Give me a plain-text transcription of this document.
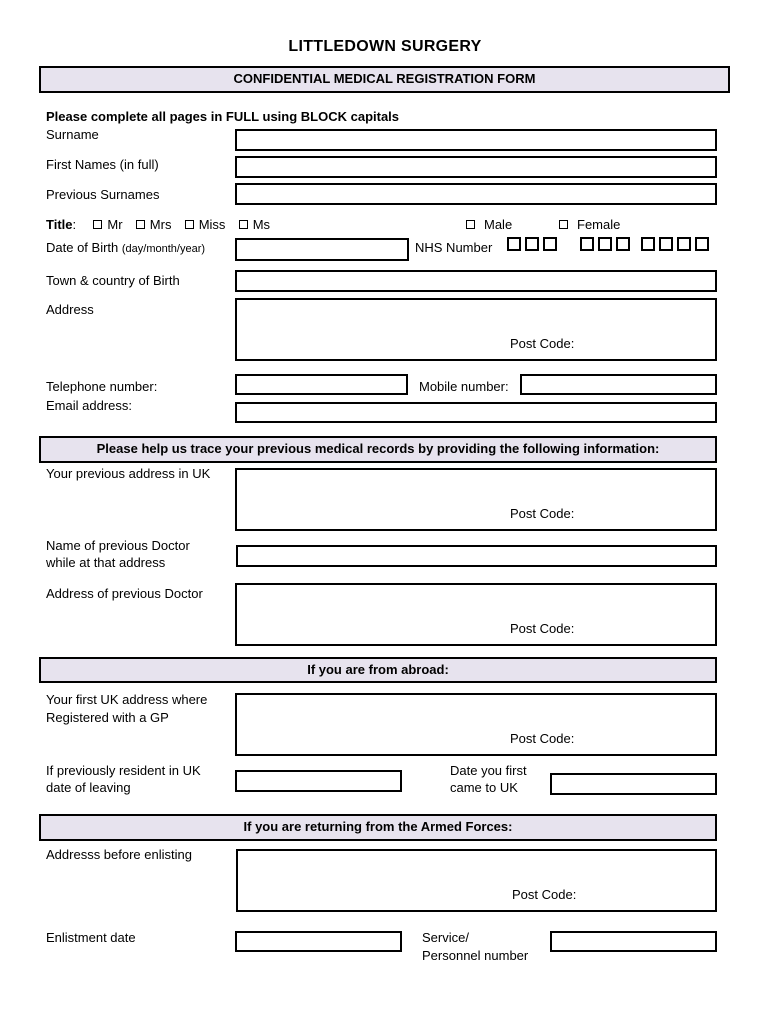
LITTLEDOWN SURGERY
CONFIDENTIAL MEDICAL REGISTRATION FORM
Please complete all pages in FULL using BLOCK capitals
Surname
First Names (in full)
Previous Surnames
Title: Mr Mrs Miss Ms	Male	Female
Date of Birth (day/month/year)	NHS Number
Town & country of Birth
Address
Post Code:
Telephone number:	Mobile number:
Email address:
Please help us trace your previous medical records by providing the following information:
Your previous address in UK
Post Code:
Name of previous Doctor
while at that address
Address of previous Doctor
Post Code:
If you are from abroad:
Your first UK address where
Registered with a GP
Post Code:
If previously resident in UK
date of leaving
Date you first
came to UK
If you are returning from the Armed Forces:
Addresss before enlisting
Post Code:
Enlistment date	Service/
Personnel number
